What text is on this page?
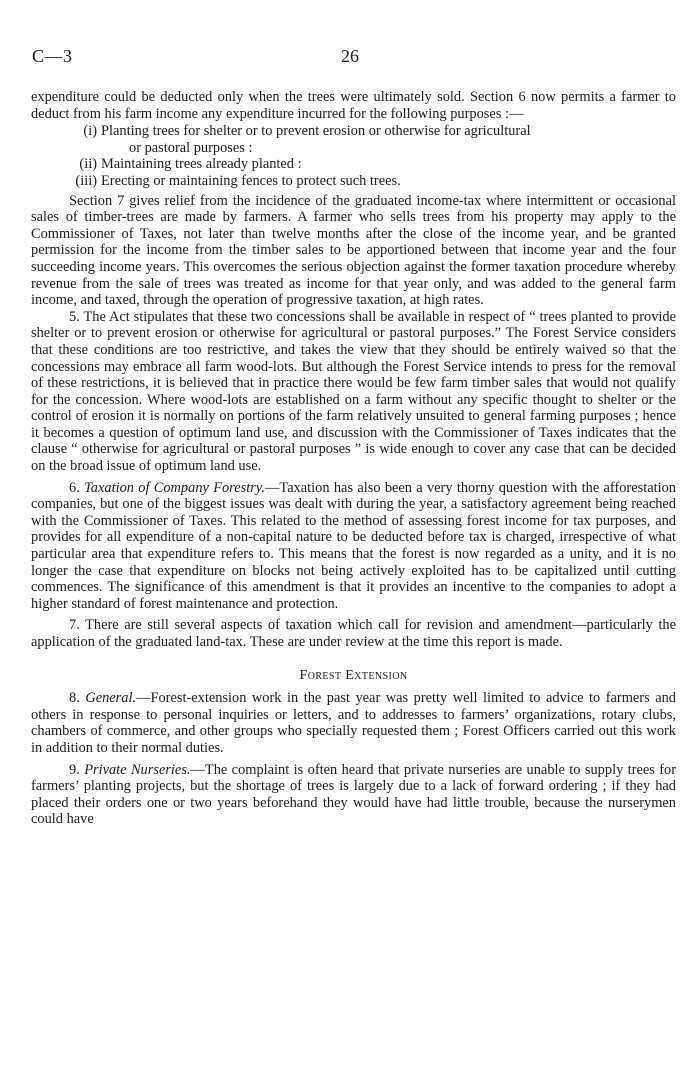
C—3	26

expenditure could be deducted only when the trees were ultimately sold. Section 6 now permits a farmer to deduct from his farm income any expenditure incurred for the following purposes :—

(i) Planting trees for shelter or to prevent erosion or otherwise for agricultural
or pastoral purposes :
(ii) Maintaining trees already planted :
(iii) Erecting or maintaining fences to protect such trees.

Section 7 gives relief from the incidence of the graduated income-tax where intermittent or occasional sales of timber-trees are made by farmers. A farmer who sells trees from his property may apply to the Commissioner of Taxes, not later than twelve months after the close of the income year, and be granted permission for the income from the timber sales to be apportioned between that income year and the four succeeding income years. This overcomes the serious objection against the former taxation procedure whereby revenue from the sale of trees was treated as income for that year only, and was added to the general farm income, and taxed, through the operation of progressive taxation, at high rates.

5. The Act stipulates that these two concessions shall be available in respect of “ trees planted to provide shelter or to prevent erosion or otherwise for agricultural or pastoral purposes.” The Forest Service considers that these conditions are too restrictive, and takes the view that they should be entirely waived so that the concessions may embrace all farm wood-lots. But although the Forest Service intends to press for the removal of these restrictions, it is believed that in practice there would be few farm timber sales that would not qualify for the concession. Where wood-lots are established on a farm without any specific thought to shelter or the control of erosion it is normally on portions of the farm relatively unsuited to general farming purposes ; hence it becomes a question of optimum land use, and discussion with the Commissioner of Taxes indicates that the clause “ otherwise for agricultural or pastoral purposes ” is wide enough to cover any case that can be decided on the broad issue of optimum land use.

6. Taxation of Company Forestry.—Taxation has also been a very thorny question with the afforestation companies, but one of the biggest issues was dealt with during the year, a satisfactory agreement being reached with the Commissioner of Taxes. This related to the method of assessing forest income for tax purposes, and provides for all expenditure of a non-capital nature to be deducted before tax is charged, irrespective of what particular area that expenditure refers to. This means that the forest is now regarded as a unity, and it is no longer the case that expenditure on blocks not being actively exploited has to be capitalized until cutting commences. The significance of this amendment is that it provides an incentive to the companies to adopt a higher standard of forest maintenance and protection.

7. There are still several aspects of taxation which call for revision and amendment—particularly the application of the graduated land-tax. These are under review at the time this report is made.

Forest Extension

8. General.—Forest-extension work in the past year was pretty well limited to advice to farmers and others in response to personal inquiries or letters, and to addresses to farmers’ organizations, rotary clubs, chambers of commerce, and other groups who specially requested them ; Forest Officers carried out this work in addition to their normal duties.

9. Private Nurseries.—The complaint is often heard that private nurseries are unable to supply trees for farmers’ planting projects, but the shortage of trees is largely due to a lack of forward ordering ; if they had placed their orders one or two years beforehand they would have had little trouble, because the nurserymen could have
